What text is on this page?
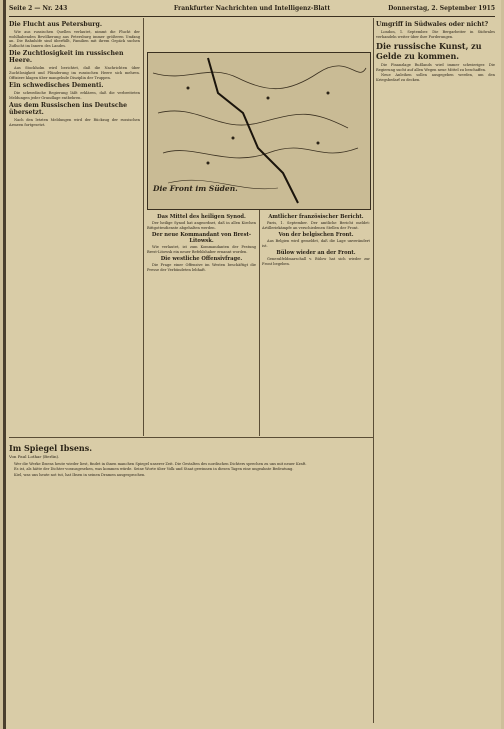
Seite 2 — Nr. 243	Frankfurter Nachrichten und Intelligenz-Blatt	Donnerstag, 2. September 1915
Die Flucht aus Petersburg.

Wie aus russischen Quellen verlautet, nimmt die Flucht der wohlhabenden Bevölkerung aus Petersburg immer größeren Umfang an. Die Bahnhöfe sind überfüllt, Familien mit ihrem Gepäck suchen Zuflucht im Innern des Landes.

Die Zuchtlosigkeit im russischen Heere.

Aus Stockholm wird berichtet, daß die Nachrichten über Zuchtlosigkeit und Plünderung im russischen Heere sich mehren. Offiziere klagen über mangelnde Disziplin der Truppen.

Ein schwedisches Dementi.

Die schwedische Regierung läßt erklären, daß die verbreiteten Meldungen jeder Grundlage entbehren.

Aus dem Russischen ins Deutsche übersetzt.

Nach den letzten Meldungen wird der Rückzug der russischen Armeen fortgesetzt.

Die Front im Süden.
Das Mittel des heiligen Synod.

Der heilige Synod hat angeordnet, daß in allen Kirchen Bittgottesdienste abgehalten werden.

Der neue Kommandant von Brest-Litowsk.

Wie verlautet, ist zum Kommandanten der Festung Brest-Litowsk ein neuer Befehlshaber ernannt worden.

Die westliche Offensivfrage.

Die Frage einer Offensive im Westen beschäftigt die Presse der Verbündeten lebhaft.

Amtlicher französischer Bericht.

Paris, 1. September. Der amtliche Bericht meldet: Artilleriekämpfe an verschiedenen Stellen der Front.

Von der belgischen Front.

Aus Belgien wird gemeldet, daß die Lage unverändert ist.

Bülow wieder an der Front.

Generalfeldmarschall v. Bülow hat sich wieder zur Front begeben.

Umgriff in Südwales oder nicht?

London, 1. September. Die Bergarbeiter in Südwales verhandeln weiter über ihre Forderungen.

Die russische Kunst, zu Gelde zu kommen.

Die Finanzlage Rußlands wird immer schwieriger. Die Regierung sucht auf allen Wegen neue Mittel zu beschaffen.

Neue Anleihen sollen ausgegeben werden, um den Kriegsbedarf zu decken.

Im Spiegel Ibsens.
Von Paul Lothar (Berlin).

Wer die Werke Ibsens heute wieder liest, findet in ihnen manchen Spiegel unserer Zeit. Die Gestalten des nordischen Dichters sprechen zu uns mit neuer Kraft.

Es ist, als hätte der Dichter vorausgesehen, was kommen würde. Seine Worte über Volk und Staat gewinnen in diesen Tagen eine ungeahnte Bedeutung.

Kiel, was uns heute not tut, hat Ibsen in seinen Dramen ausgesprochen.
